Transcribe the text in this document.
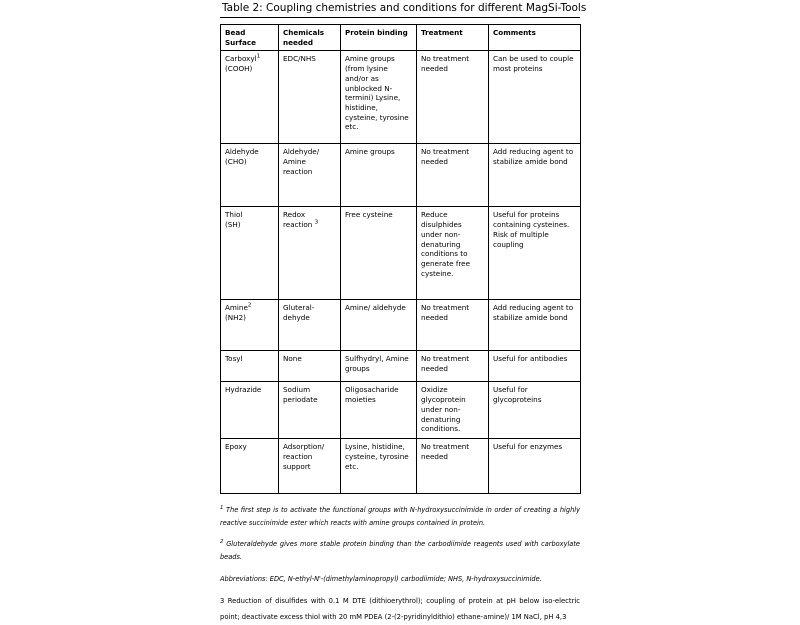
Table 2: Coupling chemistries and conditions for different MagSi-Tools
Bead Surface	Chemicals needed	Protein binding	Treatment	Comments
Carboxyl$^1$
(COOH)	EDC/NHS	Amine groups (from lysine and/or as unblocked N-termini) Lysine, histidine, cysteine, tyrosine etc.	No treatment needed	Can be used to couple most proteins
Aldehyde
(CHO)	Aldehyde/ Amine reaction	Amine groups	No treatment needed	Add reducing agent to stabilize amide bond
Thiol
(SH)	Redox reaction $^3$	Free cysteine	Reduce disulphides under non-denaturing conditions to generate free cysteine.	Useful for proteins containing cysteines. Risk of multiple coupling
Amine$^2$
(NH2)	Gluteral-dehyde	Amine/ aldehyde	No treatment needed	Add reducing agent to stabilize amide bond
Tosyl	None	Sulfhydryl, Amine groups	No treatment needed	Useful for antibodies
Hydrazide	Sodium periodate	Oligosacharide moieties	Oxidize glycoprotein under non-denaturing conditions.	Useful for glycoproteins
Epoxy	Adsorption/ reaction support	Lysine, histidine, cysteine, tyrosine etc.	No treatment needed	Useful for enzymes
$^1$ The first step is to activate the functional groups with N-hydroxysuccinimide in order of creating a highly reactive succinimide ester which reacts with amine groups contained in protein.
$^2$ Gluteraldehyde gives more stable protein binding than the carbodiimide reagents used with carboxylate beads.
Abbreviations: EDC, N-ethyl-N'-(dimethylaminopropyl) carbodiimide; NHS, N-hydroxysuccinimide.
3 Reduction of disulfides with 0.1 M DTE (dithioerythrol); coupling of protein at pH below iso-electric point; deactivate excess thiol with 20 mM PDEA (2-(2-pyridinyldithio) ethane-amine)/ 1M NaCl, pH 4,3
